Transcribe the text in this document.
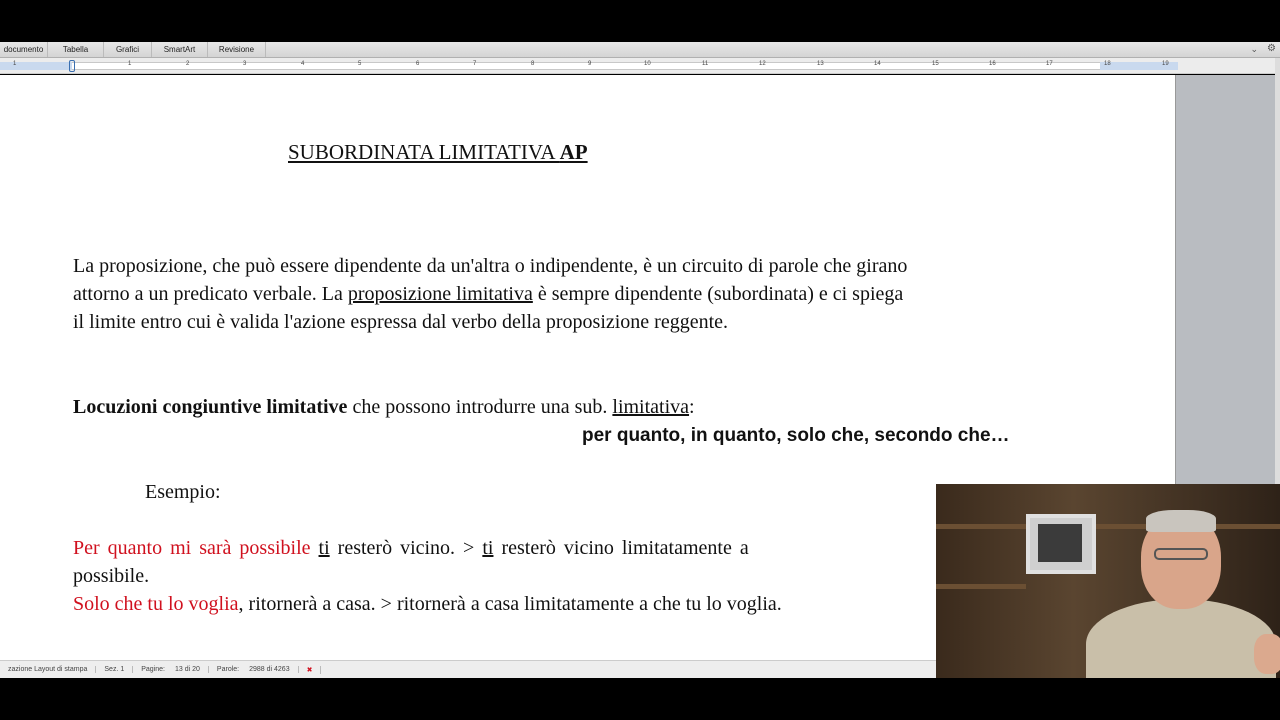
documento	Tabella	Grafici	SmartArt	Revisione	⌄ ⚙
1	1	2	3	4	5	6	7	8	9	10	11	12	13	14	15	16	17	18	19
SUBORDINATA LIMITATIVA AP
La proposizione, che può essere dipendente da un'altra o indipendente, è un circuito di parole che girano
attorno a un predicato verbale. La proposizione limitativa è sempre dipendente (subordinata) e ci spiega
il limite entro cui è valida l'azione espressa dal verbo della proposizione reggente.
Locuzioni congiuntive limitative che possono introdurre una sub. limitativa:
per quanto, in quanto, solo che, secondo che…
Esempio:
Per quanto mi sarà possibile ti resterò vicino. > ti resterò vicino limitatamente a
possibile.
Solo che tu lo voglia, ritornerà a casa. > ritornerà a casa limitatamente a che tu lo voglia.
zazione Layout di stampa	Sez. 1	Pagine:	13 di 20	Parole:	2988 di 4263	✖
